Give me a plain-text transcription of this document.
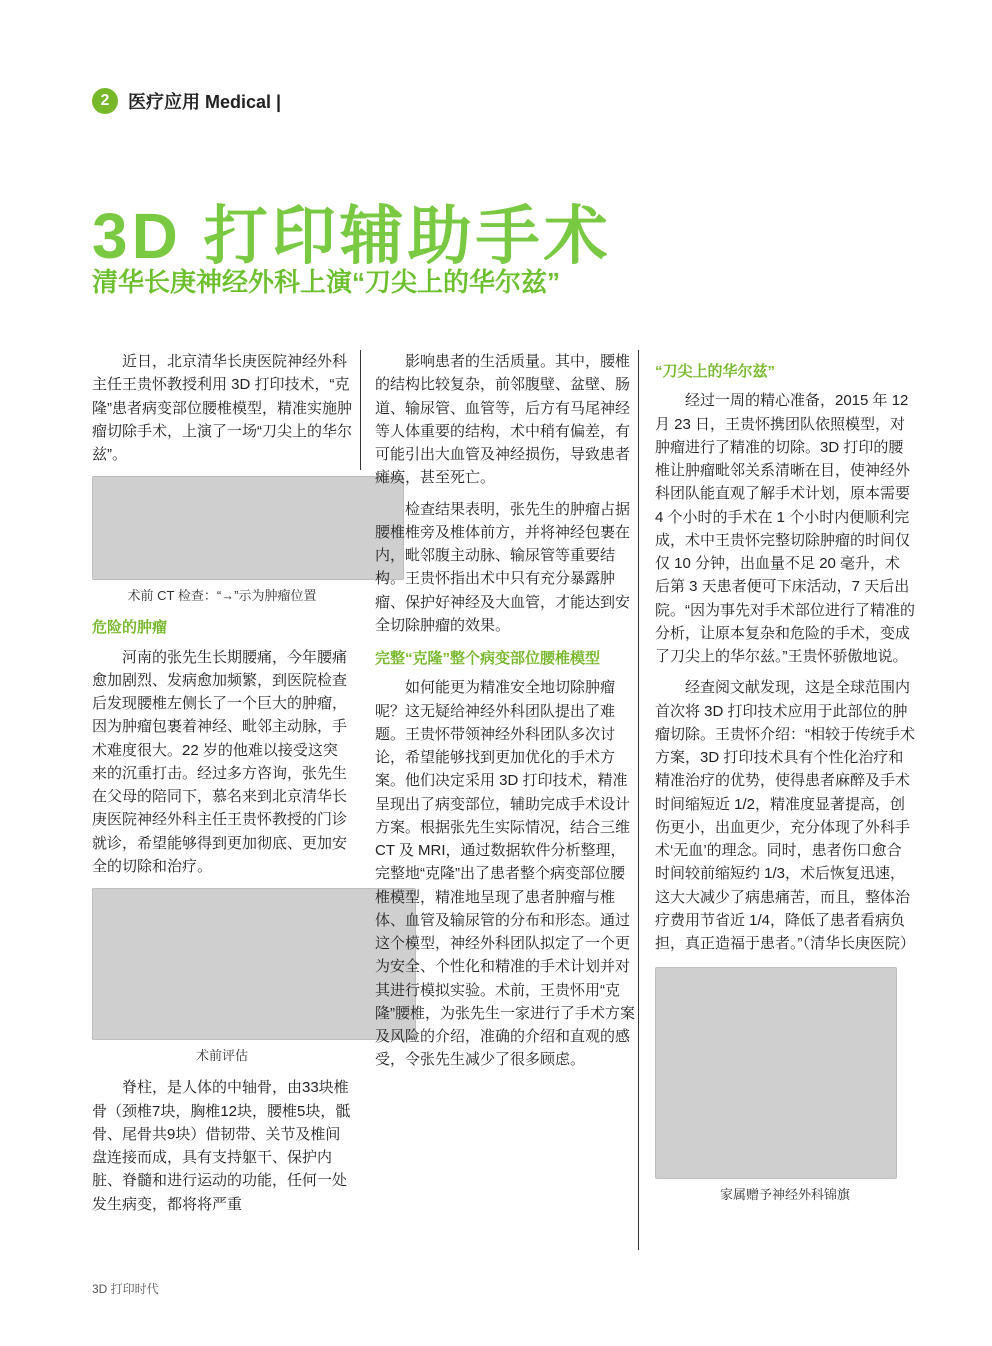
2	医疗应用 Medical |
3D 打印辅助手术
清华长庚神经外科上演“刀尖上的华尔兹”

近日，北京清华长庚医院神经外科主任王贵怀教授利用 3D 打印技术，“克隆”患者病变部位腰椎模型，精准实施肿瘤切除手术，上演了一场“刀尖上的华尔兹”。

术前 CT 检查：“→”示为肿瘤位置
危险的肿瘤

河南的张先生长期腰痛，今年腰痛愈加剧烈、发病愈加频繁，到医院检查后发现腰椎左侧长了一个巨大的肿瘤，因为肿瘤包裹着神经、毗邻主动脉，手术难度很大。22 岁的他难以接受这突来的沉重打击。经过多方咨询，张先生在父母的陪同下，慕名来到北京清华长庚医院神经外科主任王贵怀教授的门诊就诊，希望能够得到更加彻底、更加安全的切除和治疗。

术前评估

脊柱，是人体的中轴骨，由33块椎骨（颈椎7块，胸椎12块，腰椎5块，骶骨、尾骨共9块）借韧带、关节及椎间盘连接而成，具有支持躯干、保护内脏、脊髓和进行运动的功能，任何一处发生病变，都将将严重

影响患者的生活质量。其中，腰椎的结构比较复杂，前邻腹壁、盆壁、肠道、输尿管、血管等，后方有马尾神经等人体重要的结构，术中稍有偏差，有可能引出大血管及神经损伤，导致患者瘫痪，甚至死亡。

检查结果表明，张先生的肿瘤占据腰椎椎旁及椎体前方，并将神经包裹在内，毗邻腹主动脉、输尿管等重要结构。王贵怀指出术中只有充分暴露肿瘤、保护好神经及大血管，才能达到安全切除肿瘤的效果。

完整“克隆”整个病变部位腰椎模型

如何能更为精准安全地切除肿瘤呢？这无疑给神经外科团队提出了难题。王贵怀带领神经外科团队多次讨论，希望能够找到更加优化的手术方案。他们决定采用 3D 打印技术，精准呈现出了病变部位，辅助完成手术设计方案。根据张先生实际情况，结合三维 CT 及 MRI，通过数据软件分析整理，完整地“克隆”出了患者整个病变部位腰椎模型，精准地呈现了患者肿瘤与椎体、血管及输尿管的分布和形态。通过这个模型，神经外科团队拟定了一个更为安全、个性化和精准的手术计划并对其进行模拟实验。术前，王贵怀用“克隆”腰椎，为张先生一家进行了手术方案及风险的介绍，准确的介绍和直观的感受，令张先生减少了很多顾虑。

“刀尖上的华尔兹”

经过一周的精心准备，2015 年 12 月 23 日，王贵怀携团队依照模型，对肿瘤进行了精准的切除。3D 打印的腰椎让肿瘤毗邻关系清晰在目，使神经外科团队能直观了解手术计划，原本需要 4 个小时的手术在 1 个小时内便顺利完成，术中王贵怀完整切除肿瘤的时间仅仅 10 分钟，出血量不足 20 毫升，术后第 3 天患者便可下床活动，7 天后出院。“因为事先对手术部位进行了精准的分析，让原本复杂和危险的手术，变成了刀尖上的华尔兹。”王贵怀骄傲地说。

经查阅文献发现，这是全球范围内首次将 3D 打印技术应用于此部位的肿瘤切除。王贵怀介绍：“相较于传统手术方案，3D 打印技术具有个性化治疗和精准治疗的优势，使得患者麻醉及手术时间缩短近 1/2，精准度显著提高，创伤更小，出血更少，充分体现了外科手术‘无血’的理念。同时，患者伤口愈合时间较前缩短约 1/3，术后恢复迅速，这大大减少了病患痛苦，而且，整体治疗费用节省近 1/4，降低了患者看病负担，真正造福于患者。”（清华长庚医院）

家属赠予神经外科锦旗
3D 打印时代
